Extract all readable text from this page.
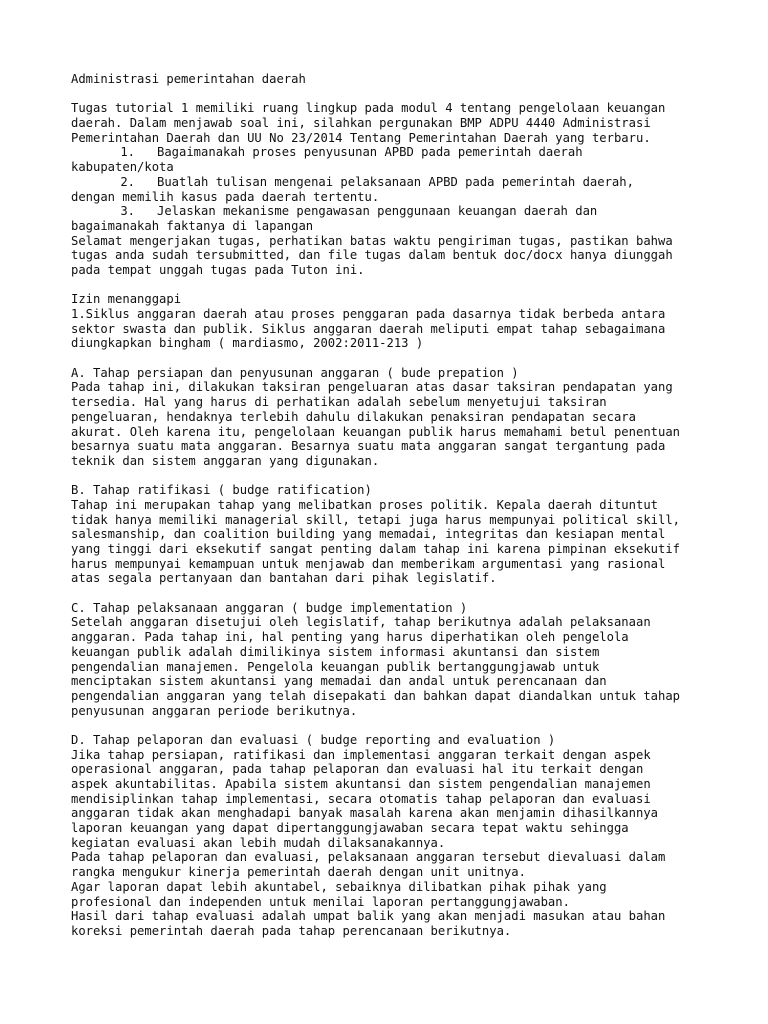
Administrasi pemerintahan daerah
Tugas tutorial 1 memiliki ruang lingkup pada modul 4 tentang pengelolaan keuangan
daerah. Dalam menjawab soal ini, silahkan pergunakan BMP ADPU 4440 Administrasi
Pemerintahan Daerah dan UU No 23/2014 Tentang Pemerintahan Daerah yang terbaru.
1.	Bagaimanakah proses penyusunan APBD pada pemerintah daerah
kabupaten/kota
2.	Buatlah tulisan mengenai pelaksanaan APBD pada pemerintah daerah,
dengan memilih kasus pada daerah tertentu.
3.	Jelaskan mekanisme pengawasan penggunaan keuangan daerah dan
bagaimanakah faktanya di lapangan
Selamat mengerjakan tugas, perhatikan batas waktu pengiriman tugas, pastikan bahwa
tugas anda sudah tersubmitted, dan file tugas dalam bentuk doc/docx hanya diunggah
pada tempat unggah tugas pada Tuton ini.
Izin menanggapi
1.Siklus anggaran daerah atau proses penggaran pada dasarnya tidak berbeda antara
sektor swasta dan publik. Siklus anggaran daerah meliputi empat tahap sebagaimana
diungkapkan bingham ( mardiasmo, 2002:2011-213 )
A. Tahap persiapan dan penyusunan anggaran ( bude prepation )
Pada tahap ini, dilakukan taksiran pengeluaran atas dasar taksiran pendapatan yang
tersedia. Hal yang harus di perhatikan adalah sebelum menyetujui taksiran
pengeluaran, hendaknya terlebih dahulu dilakukan penaksiran pendapatan secara
akurat. Oleh karena itu, pengelolaan keuangan publik harus memahami betul penentuan
besarnya suatu mata anggaran. Besarnya suatu mata anggaran sangat tergantung pada
teknik dan sistem anggaran yang digunakan.
B. Tahap ratifikasi ( budge ratification)
Tahap ini merupakan tahap yang melibatkan proses politik. Kepala daerah dituntut
tidak hanya memiliki managerial skill, tetapi juga harus mempunyai political skill,
salesmanship, dan coalition building yang memadai, integritas dan kesiapan mental
yang tinggi dari eksekutif sangat penting dalam tahap ini karena pimpinan eksekutif
harus mempunyai kemampuan untuk menjawab dan memberikam argumentasi yang rasional
atas segala pertanyaan dan bantahan dari pihak legislatif.
C. Tahap pelaksanaan anggaran ( budge implementation )
Setelah anggaran disetujui oleh legislatif, tahap berikutnya adalah pelaksanaan
anggaran. Pada tahap ini, hal penting yang harus diperhatikan oleh pengelola
keuangan publik adalah dimilikinya sistem informasi akuntansi dan sistem
pengendalian manajemen. Pengelola keuangan publik bertanggungjawab untuk
menciptakan sistem akuntansi yang memadai dan andal untuk perencanaan dan
pengendalian anggaran yang telah disepakati dan bahkan dapat diandalkan untuk tahap
penyusunan anggaran periode berikutnya.
D. Tahap pelaporan dan evaluasi ( budge reporting and evaluation )
Jika tahap persiapan, ratifikasi dan implementasi anggaran terkait dengan aspek
operasional anggaran, pada tahap pelaporan dan evaluasi hal itu terkait dengan
aspek akuntabilitas. Apabila sistem akuntansi dan sistem pengendalian manajemen
mendisiplinkan tahap implementasi, secara otomatis tahap pelaporan dan evaluasi
anggaran tidak akan menghadapi banyak masalah karena akan menjamin dihasilkannya
laporan keuangan yang dapat dipertanggungjawaban secara tepat waktu sehingga
kegiatan evaluasi akan lebih mudah dilaksanakannya.
Pada tahap pelaporan dan evaluasi, pelaksanaan anggaran tersebut dievaluasi dalam
rangka mengukur kinerja pemerintah daerah dengan unit unitnya.
Agar laporan dapat lebih akuntabel, sebaiknya dilibatkan pihak pihak yang
profesional dan independen untuk menilai laporan pertanggungjawaban.
Hasil dari tahap evaluasi adalah umpat balik yang akan menjadi masukan atau bahan
koreksi pemerintah daerah pada tahap perencanaan berikutnya.
